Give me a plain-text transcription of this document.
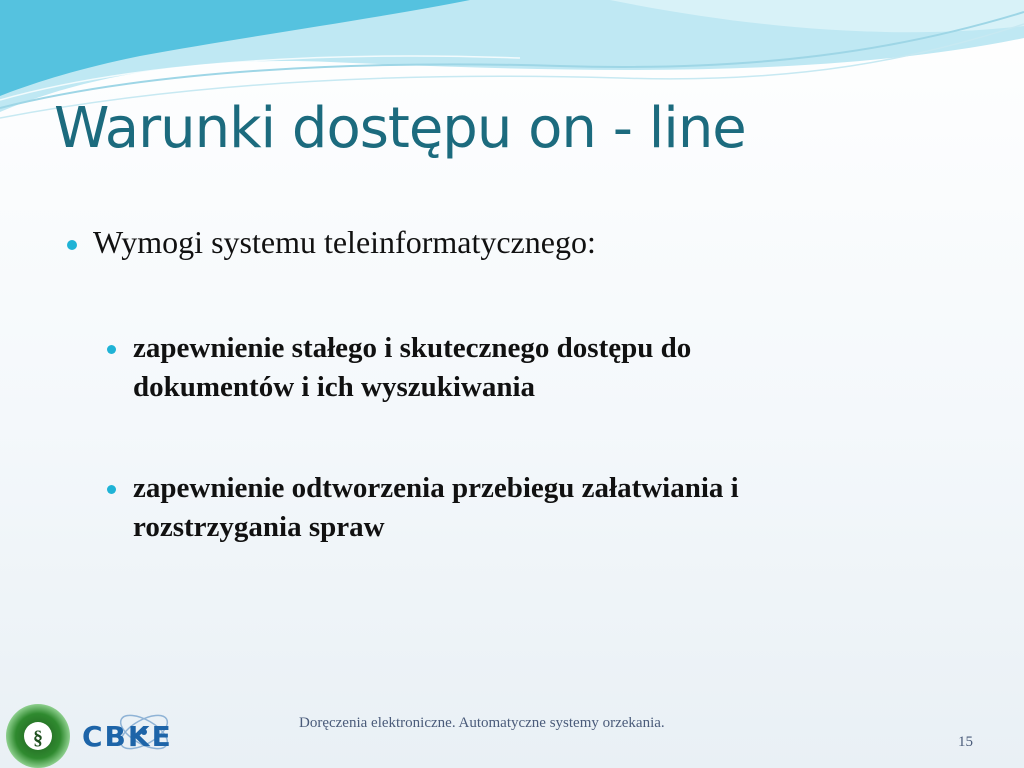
Warunki dostępu on - line

Wymogi systemu teleinformatycznego:

zapewnienie stałego i skutecznego dostępu do
dokumentów i ich wyszukiwania

zapewnienie odtworzenia przebiegu załatwiania i
rozstrzygania spraw

§ CBKE	Doręczenia elektroniczne. Automatyczne systemy orzekania.

15
